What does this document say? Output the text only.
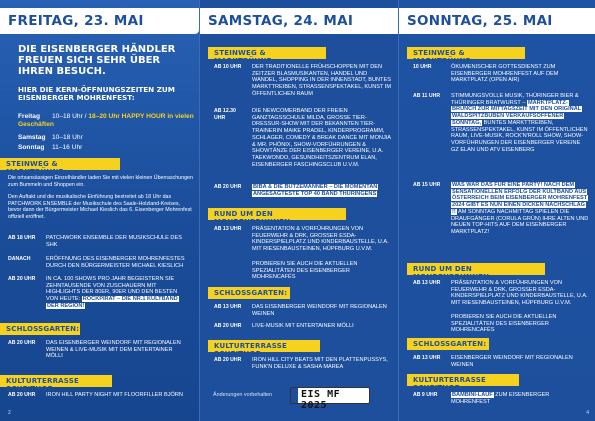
FREITAG, 23. MAI
DIE EISENBERGER HÄNDLER FREUEN SICH SEHR ÜBER IHREN BESUCH.
HIER DIE KERN-ÖFFNUNGSZEITEN ZUM EISENBERGER MOHRENFEST:
Freitag 10–18 Uhr / 18–20 Uhr HAPPY HOUR in vielen Geschäften
Samstag 10–18 Uhr
Sonntag 11–16 Uhr
STEINWEG & MARKTBÜHNE:
Die ortsansässigen Einzelhändler laden Sie mit vielen kleinen Überraschungen zum Bummeln und Shoppen ein.
Den Auftakt und die musikalische Einführung bestreitet ab 18 Uhr das PATCHWORK ENSEMBLE der Musikschule des Saale-Holzland-Kreises, bevor dann der Bürgermeister Michael Kieslich das 6. Eisenberger Mohrenfest offiziell eröffnet.
AB 18 UHR	PATCHWORK ENSEMBLE DER MUSIKSCHULE DES SHK
DANACH	ERÖFFNUNG DES EISENBERGER MOHRENFESTES DURCH DEN BÜRGERMEISTER MICHAEL KIESLICH
AB 20 UHR	IN CA. 100 SHOWS PRO JAHR BEGEISTERN SIE ZEHNTAUSENDE VON ZUSCHAUERN MIT HIGHLIGHTS DER 80ER, 90ER UND DEN BESTEN VON HEUTE: ROCKPIRAT – DIE NR.1 KULTBAND DER REGION!
SCHLOSSGARTEN:
AB 20 UHR	DAS EISENBERGER WEINDORF MIT REGIONALEN WEINEN & LIVE-MUSIK MIT DEM ENTERTAINER MÖLLI
KULTURTERRASSE SCHEITHOF:
AB 20 UHR	IRON HILL PARTY NIGHT MIT FLOORFILLER BJÖRN
2
SAMSTAG, 24. MAI
STEINWEG & MARKTBÜHNE:
AB 10 UHR	DER TRADITIONELLE FRÜHSCHOPPEN MIT DEN ZEITZER BLASMUSIKANTEN, HANDEL UND WANDEL, SHOPPING IN DER INNENSTADT, BUNTES MARKTTREIBEN, STRASSENSPEKTAKEL, KUNST IM ÖFFENTLICHEN RAUM
AB 12.30 UHR
DIE NEWCOMERBAND DER FREIEN GANZTAGSSCHULE MILDA, GROSSE TIER-DRESSUR-SHOW MIT DER BEKANNTEN TIER-TRAINERIN MAIKE PRADEL, KINDERPROGRAMM, SCHLAGER, COMEDY & BREAK DANCE MIT MONJIA & MR. PHÖNIX, SHOW-VORFÜHRUNGEN & SHOWTÄNZE DER EISENBERGER VEREINE, U.A. TAEKWONDO, GESUNDHEITSZENTRUM ELAN, EISENBERGER FASCHINGSCLUB U.V.M.
AB 20 UHR	BIBA & DIE BUTZEMÄNNER – DIE MOMENTAN ANGESAGTESTE TOP 40 BAND THÜRINGENS
RUND UM DEN MOHRENBRUNNEN:
AB 13 UHR	PRÄSENTATION & VORFÜHRUNGEN VON FEUERWEHR & DRK, GROSSER ESDA-KINDERSPIELPLATZ UND KINDERBAUSTELLE, U.A. MIT RIESENBAUSTEINEN, HÜPFBURG U.V.M.
PROBIEREN SIE AUCH DIE AKTUELLEN SPEZIALITÄTEN DES EISENBERGER MOHRENCAFÉS
SCHLOSSGARTEN:
AB 13 UHR	DAS EISENBERGER WEINDORF MIT REGIONALEN WEINEN
AB 20 UHR	LIVE-MUSIK MIT ENTERTAINER MÖLLI
KULTURTERRASSE SCHEITHOF:
AB 20 UHR	IRON HILL CITY BEATS MIT DEN PLATTENPUSSYS, FUNK'N DELUXE & SASHA MAREA
Änderungen vorbehalten	EIS MF 2025
SONNTAG, 25. MAI
STEINWEG & MARKTBÜHNE:
10 UHR	ÖKUMENISCHER GOTTESDIENST ZUM EISENBERGER MOHRENFEST AUF DEM MARKTPLATZ (OPEN AIR)
AB 11 UHR	STIMMUNGSVOLLE MUSIK, THÜRINGER BIER & THÜRINGER BRATWURST – MARKTPLATZ-BRUNCH ZUR MITTAGSZEIT MIT DEN ORIGINAL WALDSPITZBUBEN VERKAUFSOFFENER SONNTAG, BUNTES MARKTTREIBEN, STRASSENSPEKTAKEL, KUNST IM ÖFFENTLICHEN RAUM, LIVE-MUSIK, ROCK'N'ROLL SHOW, SHOW-VORFÜHRUNGEN DER EISENBERGER VEREINE GZ ELAN UND ATV EISENBERG
AB 15 UHR	WAS WAR DAS FÜR EINE PARTY! NACH DEM SENSATIONELLEN ERFOLG DER KULTBAND AUS ÖSTERREICH BEIM EISENBERGER MOHRENFEST 2024 GIBT ES NUN EINEN DICKEN NACHSCHLAG !! AM SONNTAG NACHMITTAG SPIELEN DIE DRAUFGÄNGER (CORULA GRÜN) IHRE ALTEN UND NEUEN TOP-HITS AUF DEM EISENBERGER MARKTPLATZ!
RUND UM DEN MOHRENBRUNNEN:
AB 13 UHR	PRÄSENTATION & VORFÜHRUNGEN VON FEUERWEHR & DRK, GROSSER ESDA-KINDERSPIELPLATZ UND KINDERBAUSTELLE, U.A. MIT RIESENBAUSTEINEN, HÜPFBURG U.V.M.
PROBIEREN SIE AUCH DIE AKTUELLEN SPEZIALITÄTEN DES EISENBERGER MOHRENCAFÉS
SCHLOSSGARTEN:
AB 13 UHR	EISENBERGER WEINDORF MIT REGIONALEN WEINEN
KULTURTERRASSE SCHEITHOF:
AB 9 UHR	BAMBINI-LAUF ZUM EISENBERGER MOHRENFEST
4
